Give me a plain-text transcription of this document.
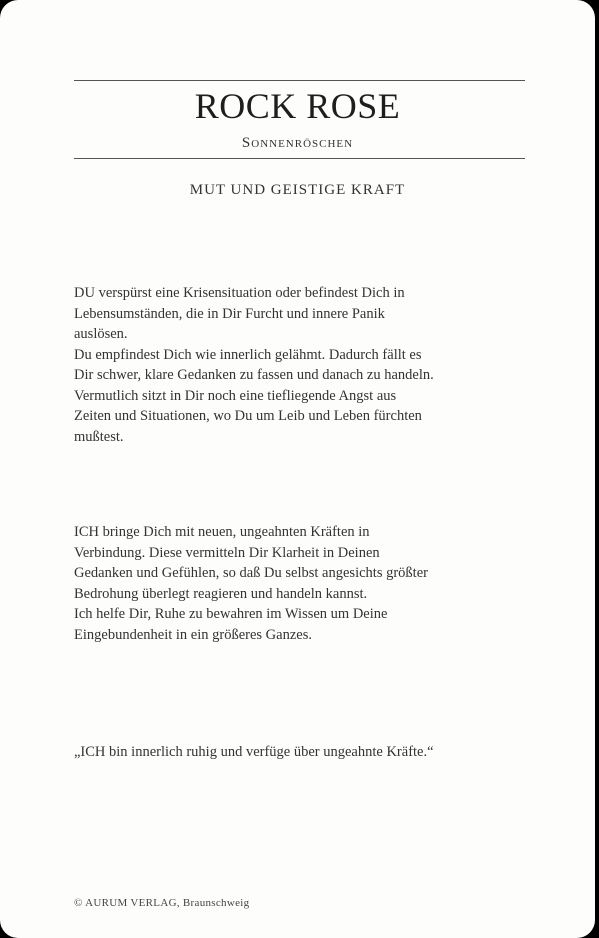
ROCK ROSE
Sonnenröschen
MUT UND GEISTIGE KRAFT
DU verspürst eine Krisensituation oder befindest Dich in
Lebensumständen, die in Dir Furcht und innere Panik
auslösen.
Du empfindest Dich wie innerlich gelähmt. Dadurch fällt es
Dir schwer, klare Gedanken zu fassen und danach zu handeln.
Vermutlich sitzt in Dir noch eine tiefliegende Angst aus
Zeiten und Situationen, wo Du um Leib und Leben fürchten
mußtest.
ICH bringe Dich mit neuen, ungeahnten Kräften in
Verbindung. Diese vermitteln Dir Klarheit in Deinen
Gedanken und Gefühlen, so daß Du selbst angesichts größter
Bedrohung überlegt reagieren und handeln kannst.
Ich helfe Dir, Ruhe zu bewahren im Wissen um Deine
Eingebundenheit in ein größeres Ganzes.
„ICH bin innerlich ruhig und verfüge über ungeahnte Kräfte.“
© AURUM VERLAG, Braunschweig
